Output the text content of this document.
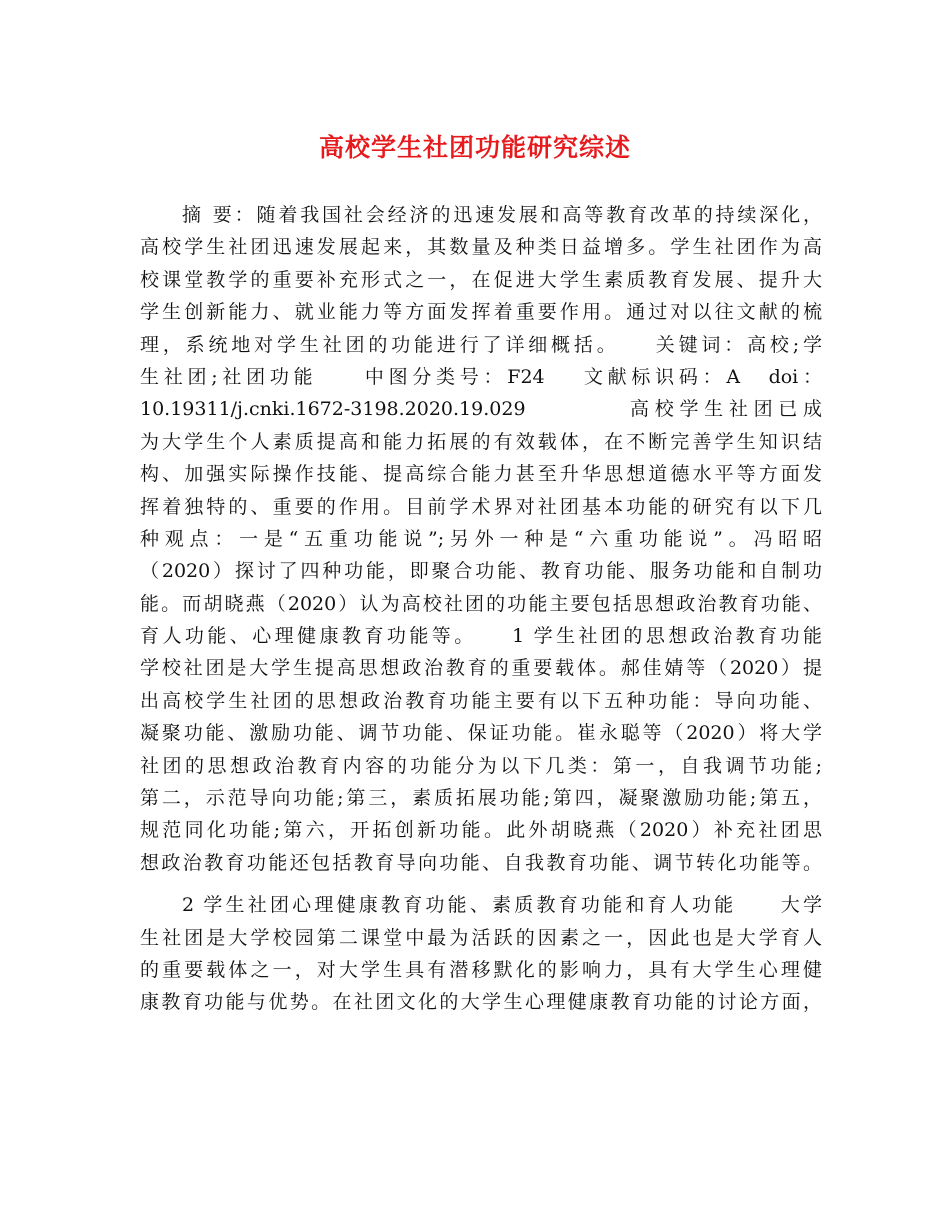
高校学生社团功能研究综述
摘 要：随着我国社会经济的迅速发展和高等教育改革的持续深化，
高校学生社团迅速发展起来，其数量及种类日益增多。学生社团作为高
校课堂教学的重要补充形式之一，在促进大学生素质教育发展、提升大
学生创新能力、就业能力等方面发挥着重要作用。通过对以往文献的梳
理，系统地对学生社团的功能进行了详细概括。　　关键词：高校;学
生社团;社团功能　　中图分类号：F24　 文献标识码：A　doi：
10.19311/j.cnki.1672-3198.2020.19.029　　　　高校学生社团已成
为大学生个人素质提高和能力拓展的有效载体，在不断完善学生知识结
构、加强实际操作技能、提高综合能力甚至升华思想道德水平等方面发
挥着独特的、重要的作用。目前学术界对社团基本功能的研究有以下几
种观点：一是“五重功能说”;另外一种是“六重功能说”。冯昭昭
（2020）探讨了四种功能，即聚合功能、教育功能、服务功能和自制功
能。而胡晓燕（2020）认为高校社团的功能主要包括思想政治教育功能、
育人功能、心理健康教育功能等。　　1 学生社团的思想政治教育功能
学校社团是大学生提高思想政治教育的重要载体。郝佳婧等（2020）提
出高校学生社团的思想政治教育功能主要有以下五种功能：导向功能、
凝聚功能、激励功能、调节功能、保证功能。崔永聪等（2020）将大学
社团的思想政治教育内容的功能分为以下几类：第一，自我调节功能;
第二，示范导向功能;第三，素质拓展功能;第四，凝聚激励功能;第五，
规范同化功能;第六，开拓创新功能。此外胡晓燕（2020）补充社团思
想政治教育功能还包括教育导向功能、自我教育功能、调节转化功能等。
2 学生社团心理健康教育功能、素质教育功能和育人功能　　大学
生社团是大学校园第二课堂中最为活跃的因素之一，因此也是大学育人
的重要载体之一，对大学生具有潜移默化的影响力，具有大学生心理健
康教育功能与优势。在社团文化的大学生心理健康教育功能的讨论方面，
